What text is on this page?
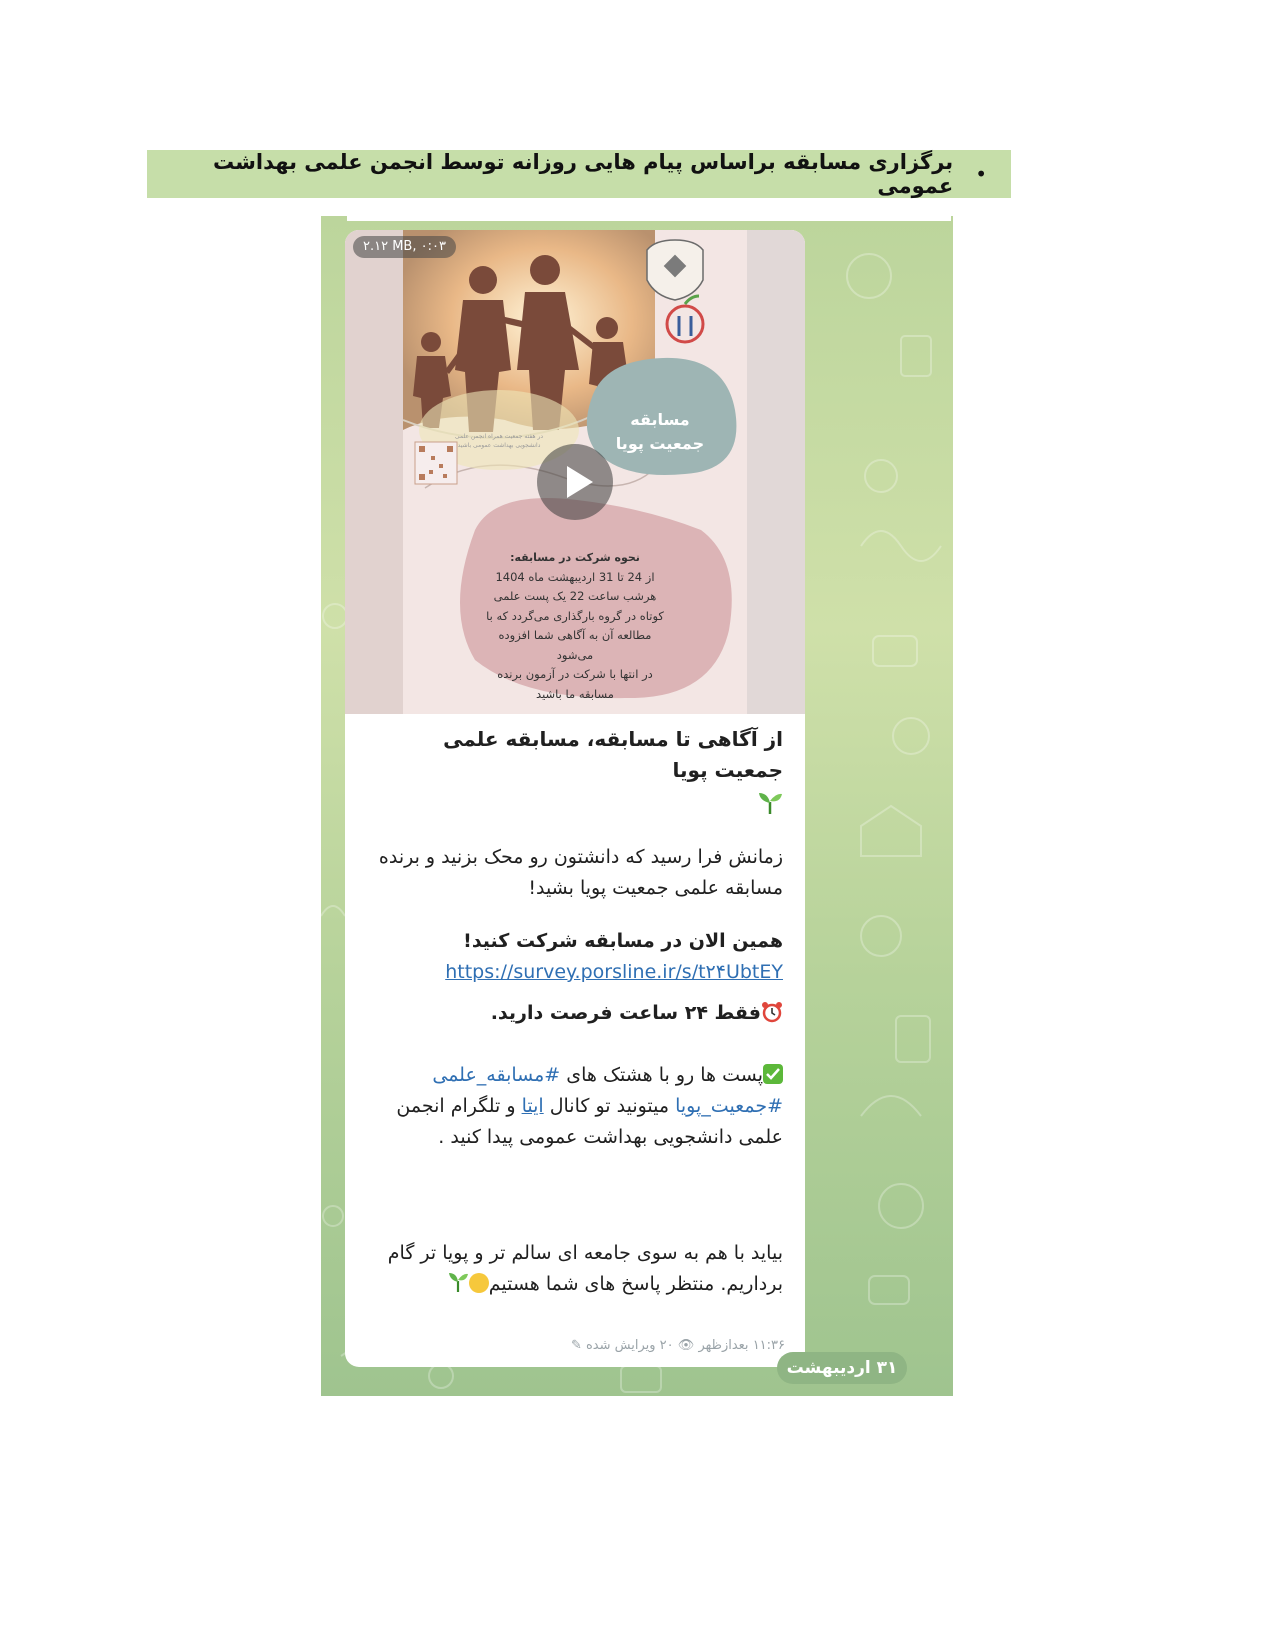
•
برگزاری مسابقه براساس پیام هایی روزانه توسط انجمن علمی بهداشت عمومی
۲.۱۲ MB, ۰:۰۳
مسابقه
جمعیت پویا
در هفته جمعیت همراه انجمن علمی
دانشجویی بهداشت عمومی باشید
نحوه شرکت در مسابقه:
از 24 تا 31 اردیبهشت ماه 1404
هرشب ساعت 22 یک پست علمی
کوتاه در گروه بارگذاری می‌گردد که با
مطالعه آن به آگاهی شما افزوده
می‌شود
در انتها با شرکت در آزمون برنده
مسابقه ما باشید
از آگاهی تا مسابقه، مسابقه علمی جمعیت پویا

زمانش فرا رسید که دانشتون رو محک بزنید و برنده مسابقه علمی جمعیت پویا بشید!
همین الان در مسابقه شرکت کنید!
https://survey.porsline.ir/s/t۲۴UbtEY
فقط ۲۴ ساعت فرصت دارید.
پست ها رو با هشتک های #مسابقه_علمی #جمعیت_پویا میتونید تو کانال ایتا و تلگرام انجمن علمی دانشجویی بهداشت عمومی پیدا کنید .
بیاید با هم به سوی جامعه ای سالم تر و پویا تر گام برداریم. منتظر پاسخ های شما هستیم
۱۱:۳۶ بعدازظهر 👁 ۲۰ ویرایش شده ✎
۳۱ اردیبهشت
